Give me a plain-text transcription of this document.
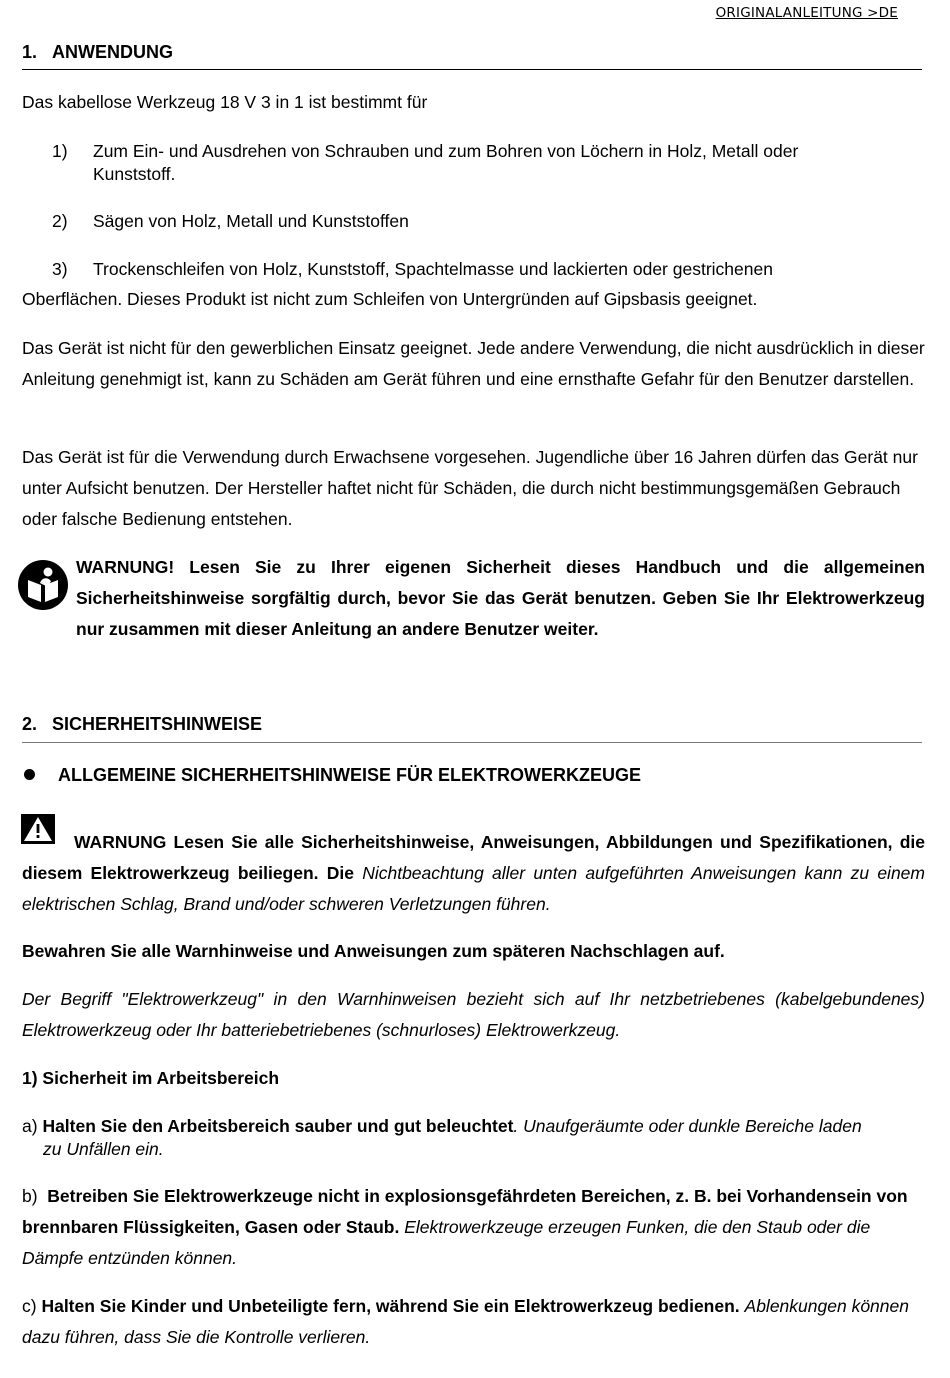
ORIGINALANLEITUNG >DE
1. ANWENDUNG

Das kabellose Werkzeug 18 V 3 in 1 ist bestimmt für

1) Zum Ein- und Ausdrehen von Schrauben und zum Bohren von Löchern in Holz, Metall oder
Kunststoff.
2) Sägen von Holz, Metall und Kunststoffen
3) Trockenschleifen von Holz, Kunststoff, Spachtelmasse und lackierten oder gestrichenen

Oberflächen. Dieses Produkt ist nicht zum Schleifen von Untergründen auf Gipsbasis geeignet.

Das Gerät ist nicht für den gewerblichen Einsatz geeignet. Jede andere Verwendung, die nicht ausdrücklich in dieser Anleitung genehmigt ist, kann zu Schäden am Gerät führen und eine ernsthafte Gefahr für den Benutzer darstellen.

Das Gerät ist für die Verwendung durch Erwachsene vorgesehen. Jugendliche über 16 Jahren dürfen das Gerät nur unter Aufsicht benutzen. Der Hersteller haftet nicht für Schäden, die durch nicht bestimmungsgemäßen Gebrauch oder falsche Bedienung entstehen.

WARNUNG! Lesen Sie zu Ihrer eigenen Sicherheit dieses Handbuch und die allgemeinen Sicherheitshinweise sorgfältig durch, bevor Sie das Gerät benutzen. Geben Sie Ihr Elektrowerkzeug nur zusammen mit dieser Anleitung an andere Benutzer weiter.

2. SICHERHEITSHINWEISE
ALLGEMEINE SICHERHEITSHINWEISE FÜR ELEKTROWERKZEUGE

WARNUNG Lesen Sie alle Sicherheitshinweise, Anweisungen, Abbildungen und Spezifikationen, die diesem Elektrowerkzeug beiliegen. Die Nichtbeachtung aller unten aufgeführten Anweisungen kann zu einem elektrischen Schlag, Brand und/oder schweren Verletzungen führen.

Bewahren Sie alle Warnhinweise und Anweisungen zum späteren Nachschlagen auf.

Der Begriff "Elektrowerkzeug" in den Warnhinweisen bezieht sich auf Ihr netzbetriebenes (kabelgebundenes) Elektrowerkzeug oder Ihr batteriebetriebenes (schnurloses) Elektrowerkzeug.

1) Sicherheit im Arbeitsbereich

a) Halten Sie den Arbeitsbereich sauber und gut beleuchtet. Unaufgeräumte oder dunkle Bereiche laden
zu Unfällen ein.

b) Betreiben Sie Elektrowerkzeuge nicht in explosionsgefährdeten Bereichen, z. B. bei Vorhandensein von brennbaren Flüssigkeiten, Gasen oder Staub. Elektrowerkzeuge erzeugen Funken, die den Staub oder die Dämpfe entzünden können.

c) Halten Sie Kinder und Unbeteiligte fern, während Sie ein Elektrowerkzeug bedienen. Ablenkungen können dazu führen, dass Sie die Kontrolle verlieren.
